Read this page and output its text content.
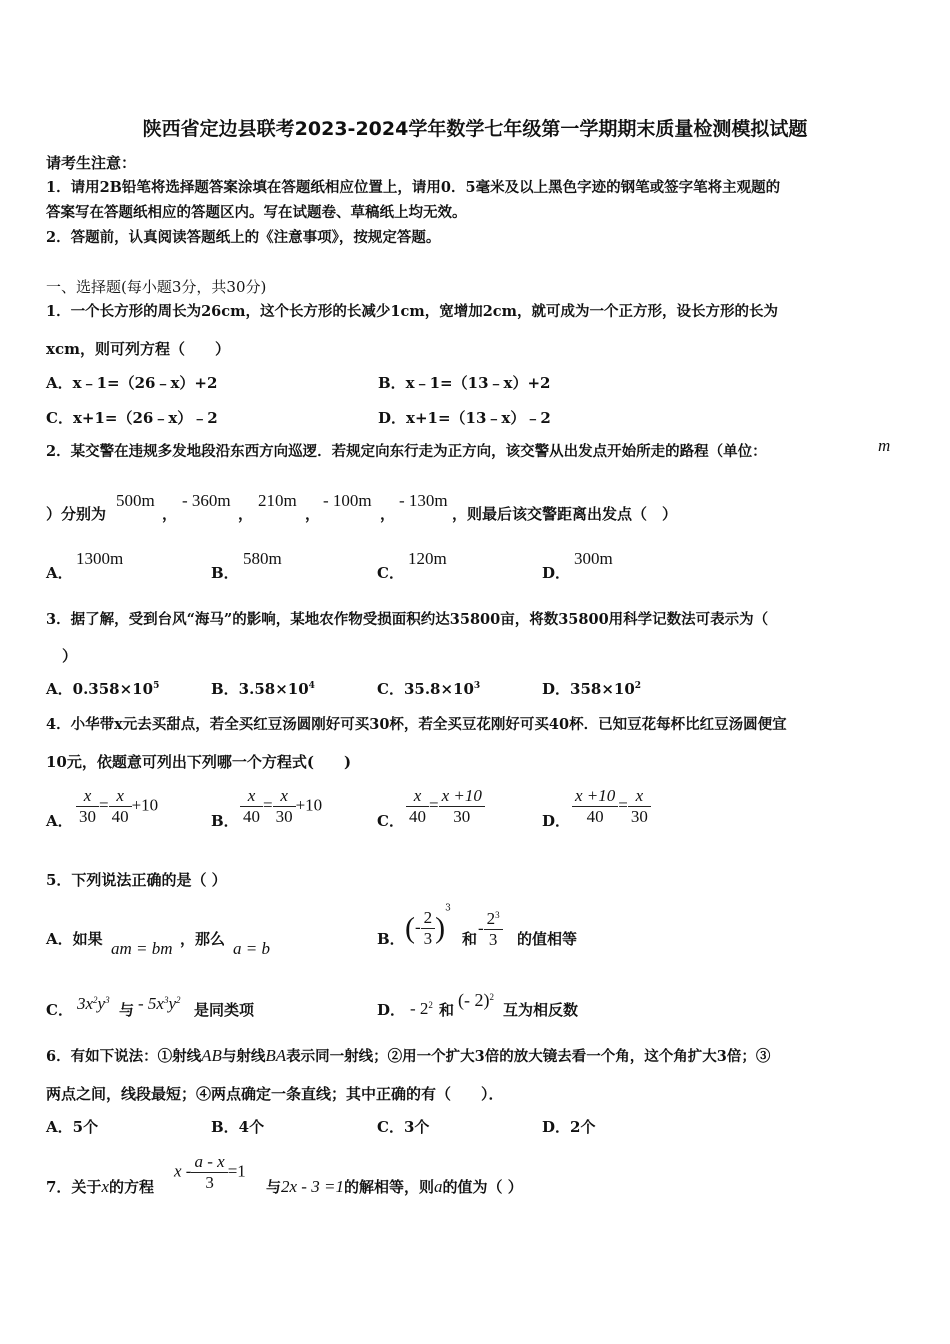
陕西省定边县联考2023-2024学年数学七年级第一学期期末质量检测模拟试题
请考生注意：
1．请用2B铅笔将选择题答案涂填在答题纸相应位置上，请用0．5毫米及以上黑色字迹的钢笔或签字笔将主观题的
答案写在答题纸相应的答题区内。写在试题卷、草稿纸上均无效。
2．答题前，认真阅读答题纸上的《注意事项》，按规定答题。
一、选择题(每小题3分，共30分)
1．一个长方形的周长为26cm，这个长方形的长减少1cm，宽增加2cm，就可成为一个正方形，设长方形的长为
xcm，则可列方程（　　）
A．x﹣1=（26﹣x）+2	B．x﹣1=（13﹣x）+2
C．x+1=（26﹣x）﹣2	D．x+1=（13﹣x）﹣2
2．某交警在违规多发地段沿东西方向巡逻．若规定向东行走为正方向，该交警从出发点开始所走的路程（单位：	m
）分别为
500m
，
- 360m
，
210m
，
- 100m
，
- 130m
，则最后该交警距离出发点（　）
A．
1300m
B．
580m
C．
120m
D．
300m
3．据了解，受到台风“海马”的影响，某地农作物受损面积约达35800亩，将数35800用科学记数法可表示为（
）
A．$0.358\times 10^5$	B．$3.58\times 10^4$	C．$35.8\times 10^3$	D．$358\times 10^2$
4．小华带x元去买甜点，若全买红豆汤圆刚好可买30杯，若全买豆花刚好可买40杯．已知豆花每杯比红豆汤圆便宜
10元，依题意可列出下列哪一个方程式(　　)
A． $\frac{x}{30} = \frac{x}{40} +10$
B． $\frac{x}{40} = \frac{x}{30} +10$
C． $\frac{x}{40} = \frac{x +10}{30}$	D． $\frac{x +10}{40} = \frac{x}{30}$
5．下列说法正确的是（ ）
A．如果 am = bm ，那么 a = b	B． (- $\frac{2}{3} )^3$
和
- $\frac{2^3}{3}$ 的值相等
C． $3x^2y^3$
与 - $5x^3y^2$
是同类项	D． - $2^2$ 和 (- 2)$^2$
互为相反数
6．有如下说法：①射线AB与射线BA表示同一射线；②用一个扩大3倍的放大镜去看一个角，这个角扩大3倍；③
两点之间，线段最短；④两点确定一条直线；其中正确的有（　　）．
A．5个	B．4个	C．3个	D．2个
7．关于x的方程
$x - \frac{a - x}{3} =1$
与2x - 3 =1的解相等，则a的值为（ ）
